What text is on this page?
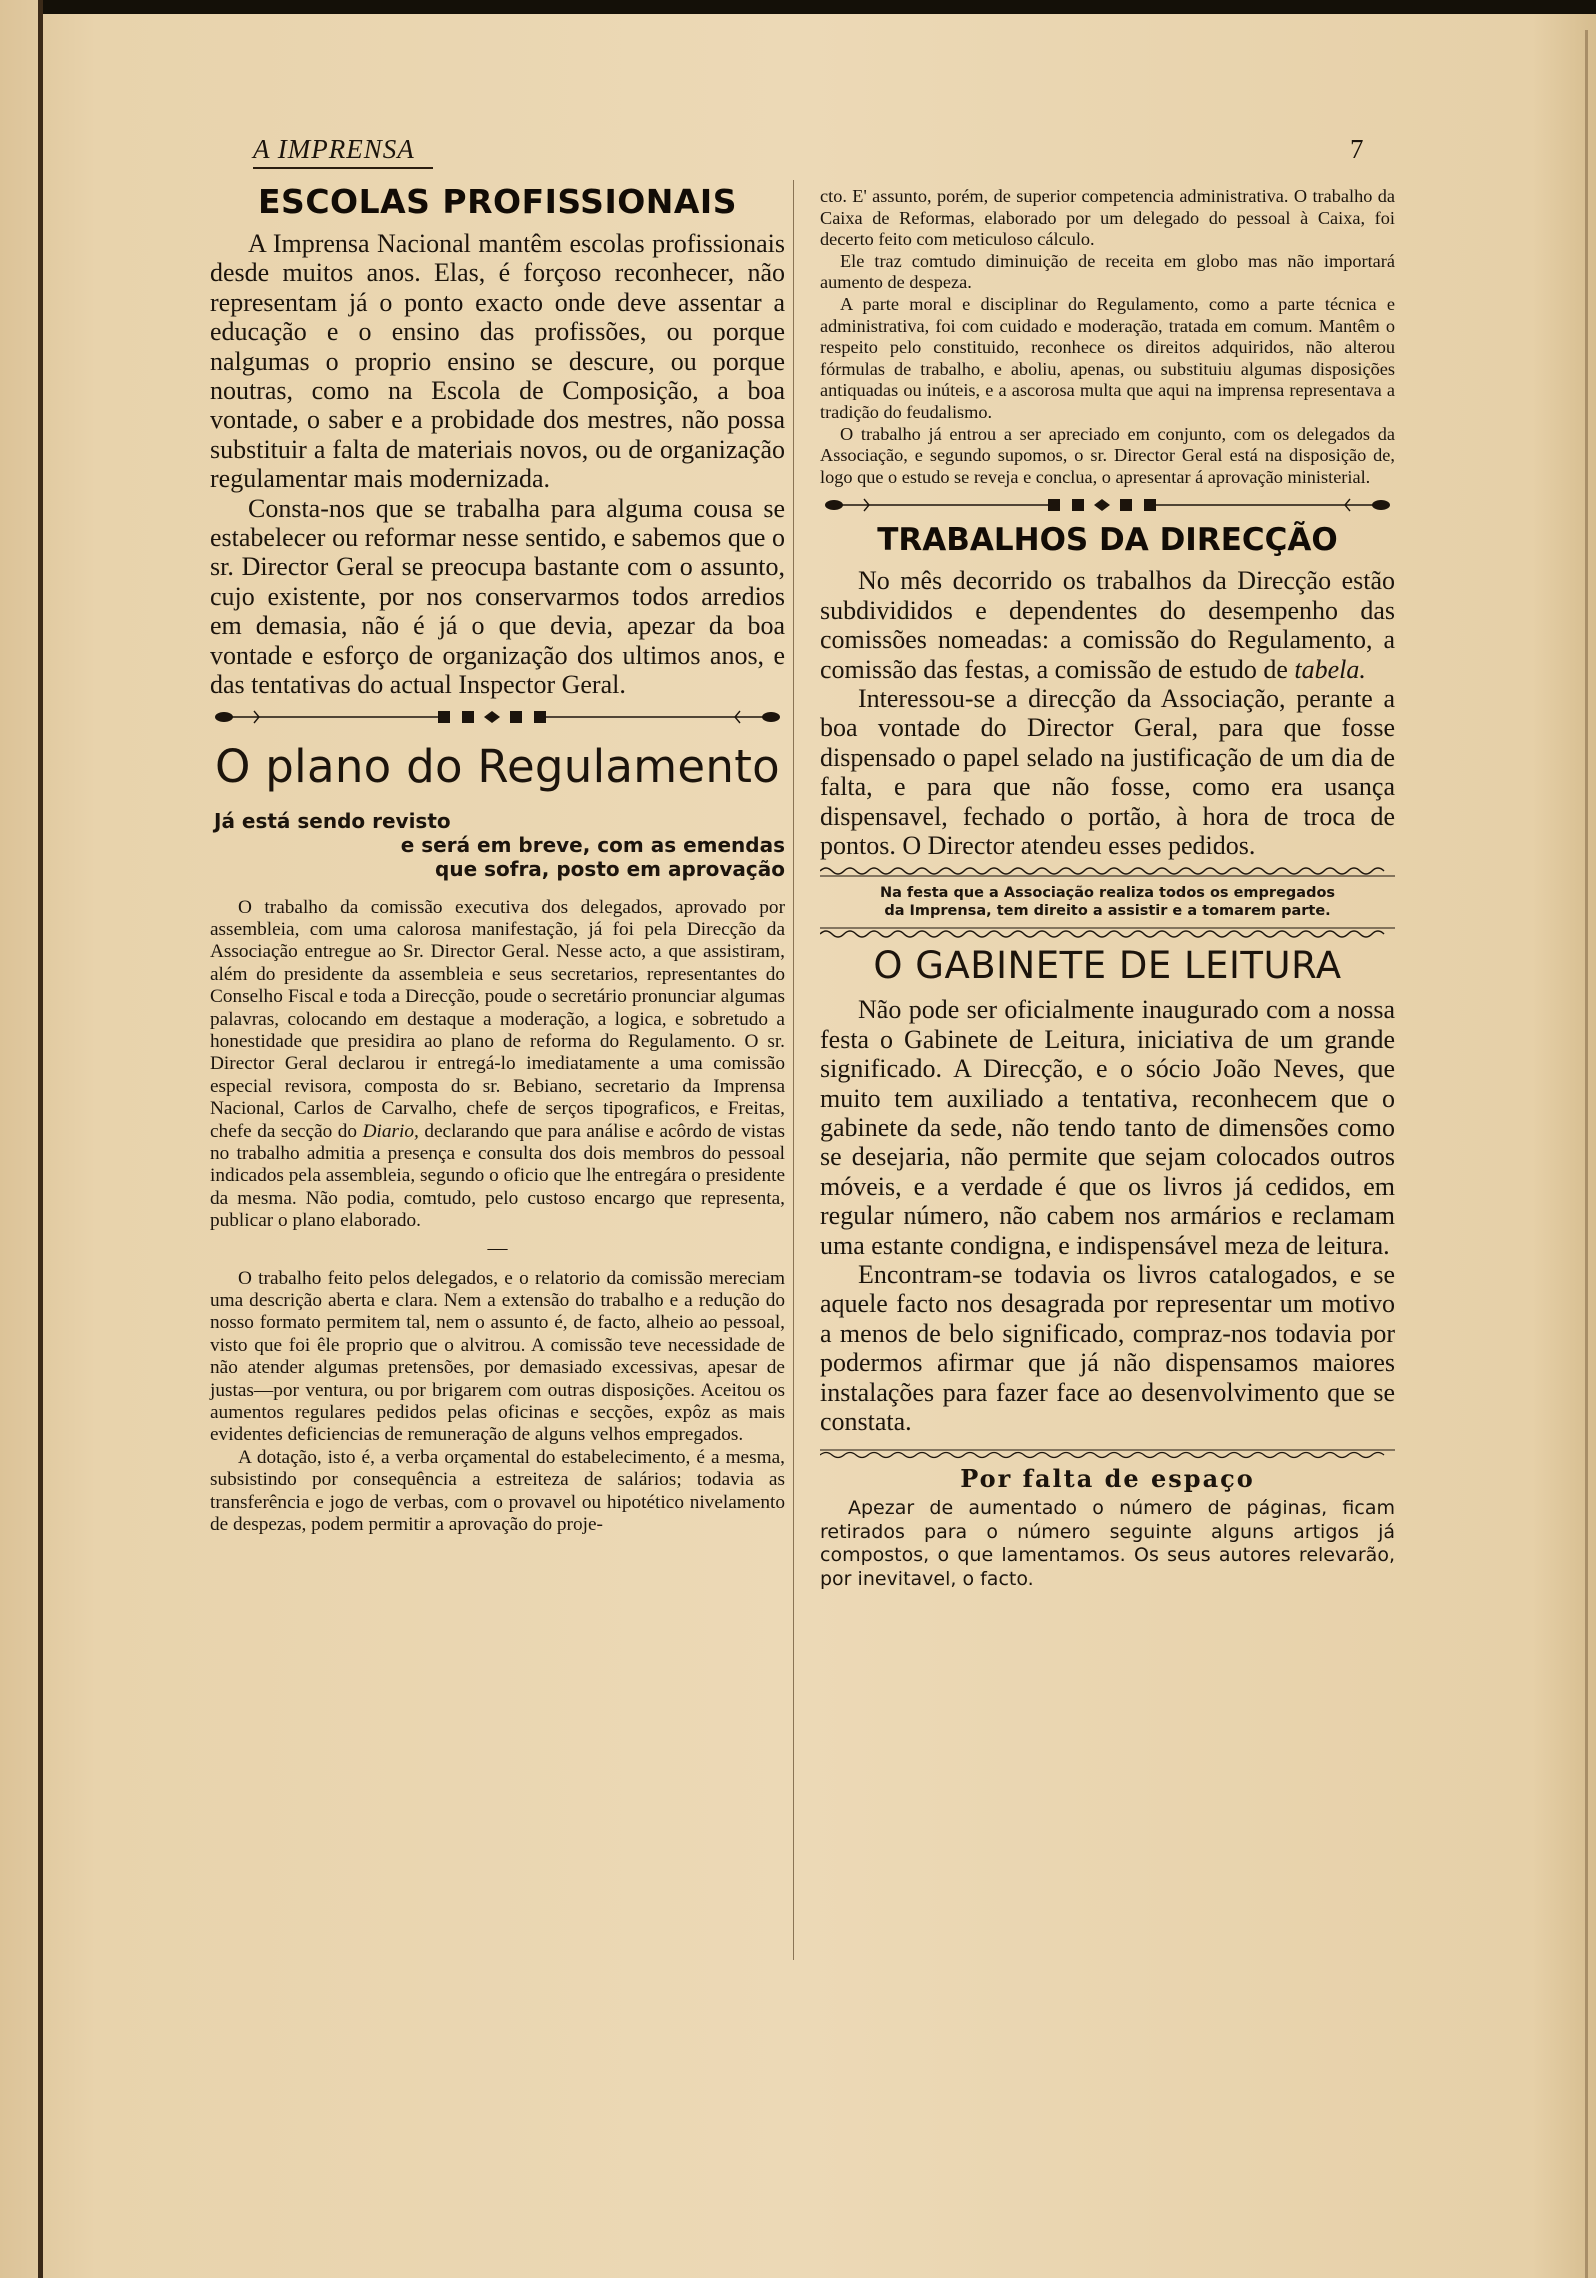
A IMPRENSA	7
ESCOLAS PROFISSIONAIS

A Imprensa Nacional mantêm escolas profissionais desde muitos anos. Elas, é forçoso reconhecer, não representam já o ponto exacto onde deve assentar a educação e o ensino das profissões, ou porque nalgumas o proprio ensino se descure, ou porque noutras, como na Escola de Composição, a boa vontade, o saber e a probidade dos mestres, não possa substituir a falta de materiais novos, ou de organização regulamentar mais modernizada.

Consta-nos que se trabalha para alguma cousa se estabelecer ou reformar nesse sentido, e sabemos que o sr. Director Geral se preocupa bastante com o assunto, cujo existente, por nos conservarmos todos arredios em demasia, não é já o que devia, apezar da boa vontade e esforço de organização dos ultimos anos, e das tentativas do actual Inspector Geral.

O plano do Regulamento

Já está sendo revisto

e será em breve, com as emendas

que sofra, posto em aprovação

O trabalho da comissão executiva dos delegados, aprovado por assembleia, com uma calorosa manifestação, já foi pela Direcção da Associação entregue ao Sr. Director Geral. Nesse acto, a que assistiram, além do presidente da assembleia e seus secretarios, representantes do Conselho Fiscal e toda a Direcção, poude o secretário pronunciar algumas palavras, colocando em destaque a moderação, a logica, e sobretudo a honestidade que presidira ao plano de reforma do Regulamento. O sr. Director Geral declarou ir entregá-lo imediatamente a uma comissão especial revisora, composta do sr. Bebiano, secretario da Imprensa Nacional, Carlos de Carvalho, chefe de serços tipograficos, e Freitas, chefe da secção do Diario, declarando que para análise e acôrdo de vistas no trabalho admitia a presença e consulta dos dois membros do pessoal indicados pela assembleia, segundo o oficio que lhe entregára o presidente da mesma. Não podia, comtudo, pelo custoso encargo que representa, publicar o plano elaborado.

—

O trabalho feito pelos delegados, e o relatorio da comissão mereciam uma descrição aberta e clara. Nem a extensão do trabalho e a redução do nosso formato permitem tal, nem o assunto é, de facto, alheio ao pessoal, visto que foi êle proprio que o alvitrou. A comissão teve necessidade de não atender algumas pretensões, por demasiado excessivas, apesar de justas—por ventura, ou por brigarem com outras disposições. Aceitou os aumentos regulares pedidos pelas oficinas e secções, expôz as mais evidentes deficiencias de remuneração de alguns velhos empregados.

A dotação, isto é, a verba orçamental do estabelecimento, é a mesma, subsistindo por consequência a estreiteza de salários; todavia as transferência e jogo de verbas, com o provavel ou hipotético nivelamento de despezas, podem permitir a aprovação do proje-

cto. E' assunto, porém, de superior competencia administrativa. O trabalho da Caixa de Reformas, elaborado por um delegado do pessoal à Caixa, foi decerto feito com meticuloso cálculo.

Ele traz comtudo diminuição de receita em globo mas não importará aumento de despeza.

A parte moral e disciplinar do Regulamento, como a parte técnica e administrativa, foi com cuidado e moderação, tratada em comum. Mantêm o respeito pelo constituido, reconhece os direitos adquiridos, não alterou fórmulas de trabalho, e aboliu, apenas, ou substituiu algumas disposições antiquadas ou inúteis, e a ascorosa multa que aqui na imprensa representava a tradição do feudalismo.

O trabalho já entrou a ser apreciado em conjunto, com os delegados da Associação, e segundo supomos, o sr. Director Geral está na disposição de, logo que o estudo se reveja e conclua, o apresentar á aprovação ministerial.

TRABALHOS DA DIRECÇÃO

No mês decorrido os trabalhos da Direcção estão subdivididos e dependentes do desempenho das comissões nomeadas: a comissão do Regulamento, a comissão das festas, a comissão de estudo de tabela.

Interessou-se a direcção da Associação, perante a boa vontade do Director Geral, para que fosse dispensado o papel selado na justificação de um dia de falta, e para que não fosse, como era usança dispensavel, fechado o portão, à hora de troca de pontos. O Director atendeu esses pedidos.

Na festa que a Associação realiza todos os empregados
da Imprensa, tem direito a assistir e a tomarem parte.
O GABINETE DE LEITURA

Não pode ser oficialmente inaugurado com a nossa festa o Gabinete de Leitura, iniciativa de um grande significado. A Direcção, e o sócio João Neves, que muito tem auxiliado a tentativa, reconhecem que o gabinete da sede, não tendo tanto de dimensões como se desejaria, não permite que sejam colocados outros móveis, e a verdade é que os livros já cedidos, em regular número, não cabem nos armários e reclamam uma estante condigna, e indispensável meza de leitura.

Encontram-se todavia os livros catalogados, e se aquele facto nos desagrada por representar um motivo a menos de belo significado, compraz-nos todavia por podermos afirmar que já não dispensamos maiores instalações para fazer face ao desenvolvimento que se constata.

Por falta de espaço

Apezar de aumentado o número de páginas, ficam retirados para o número seguinte alguns artigos já compostos, o que lamentamos. Os seus autores relevarão, por inevitavel, o facto.
